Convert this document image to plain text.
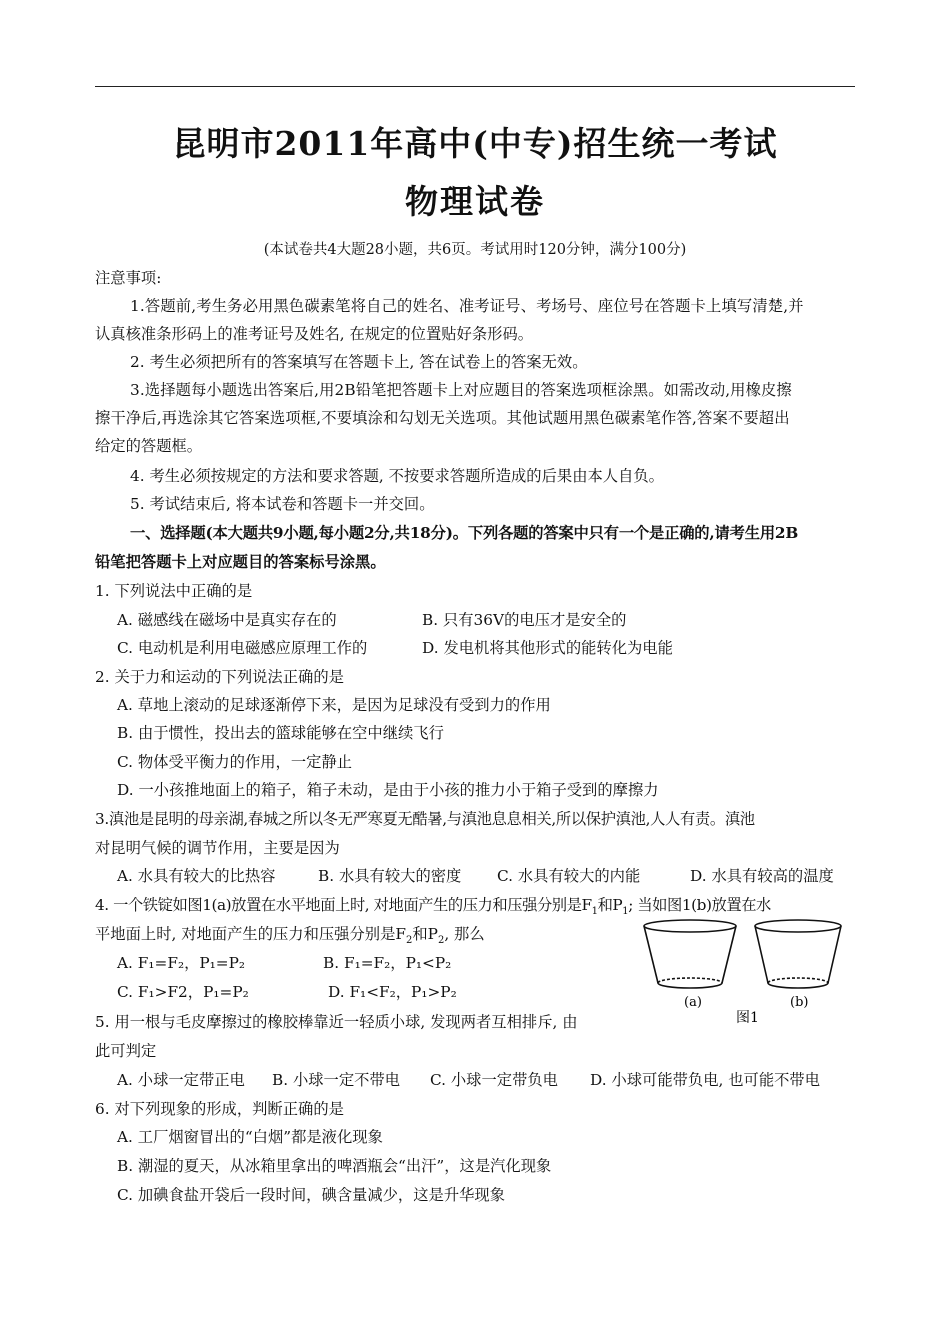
昆明市2011年高中(中专)招生统一考试
物理试卷
(本试卷共4大题28小题，共6页。考试用时120分钟，满分100分)
注意事项:
1.答题前,考生务必用黑色碳素笔将自己的姓名、准考证号、考场号、座位号在答题卡上填写清楚,并
认真核准条形码上的准考证号及姓名, 在规定的位置贴好条形码。
2. 考生必须把所有的答案填写在答题卡上, 答在试卷上的答案无效。
3.选择题每小题选出答案后,用2B铅笔把答题卡上对应题目的答案选项框涂黑。如需改动,用橡皮擦
擦干净后,再选涂其它答案选项框,不要填涂和勾划无关选项。其他试题用黑色碳素笔作答,答案不要超出
给定的答题框。
4. 考生必须按规定的方法和要求答题, 不按要求答题所造成的后果由本人自负。
5. 考试结束后, 将本试卷和答题卡一并交回。
一、选择题(本大题共9小题,每小题2分,共18分)。下列各题的答案中只有一个是正确的,请考生用2B
铅笔把答题卡上对应题目的答案标号涂黑。
1. 下列说法中正确的是
A. 磁感线在磁场中是真实存在的	B. 只有36V的电压才是安全的
C. 电动机是利用电磁感应原理工作的	D. 发电机将其他形式的能转化为电能
2. 关于力和运动的下列说法正确的是
A. 草地上滚动的足球逐渐停下来，是因为足球没有受到力的作用
B. 由于惯性，投出去的篮球能够在空中继续飞行
C. 物体受平衡力的作用，一定静止
D. 一小孩推地面上的箱子，箱子未动，是由于小孩的推力小于箱子受到的摩擦力
3.滇池是昆明的母亲湖,春城之所以冬无严寒夏无酷暑,与滇池息息相关,所以保护滇池,人人有责。滇池
对昆明气候的调节作用，主要是因为
A. 水具有较大的比热容	B. 水具有较大的密度 C. 水具有较大的内能	D. 水具有较高的温度
4. 一个铁锭如图1(a)放置在水平地面上时, 对地面产生的压力和压强分别是$F_1$和$P_1$; 当如图1(b)放置在水
平地面上时, 对地面产生的压力和压强分别是$F_2$和$P_2$, 那么
A. F₁=F₂，P₁=P₂	B. F₁=F₂，P₁<P₂
C. F₁>F2，P₁=P₂	D. F₁<F₂，P₁>P₂
(a)	(b)
图1
5. 用一根与毛皮摩擦过的橡胶棒靠近一轻质小球, 发现两者互相排斥, 由
此可判定
A. 小球一定带正电 B. 小球一定不带电 C. 小球一定带负电 D. 小球可能带负电, 也可能不带电
6. 对下列现象的形成，判断正确的是
A. 工厂烟窗冒出的“白烟”都是液化现象
B. 潮湿的夏天，从冰箱里拿出的啤酒瓶会“出汗”，这是汽化现象
C. 加碘食盐开袋后一段时间，碘含量减少，这是升华现象
